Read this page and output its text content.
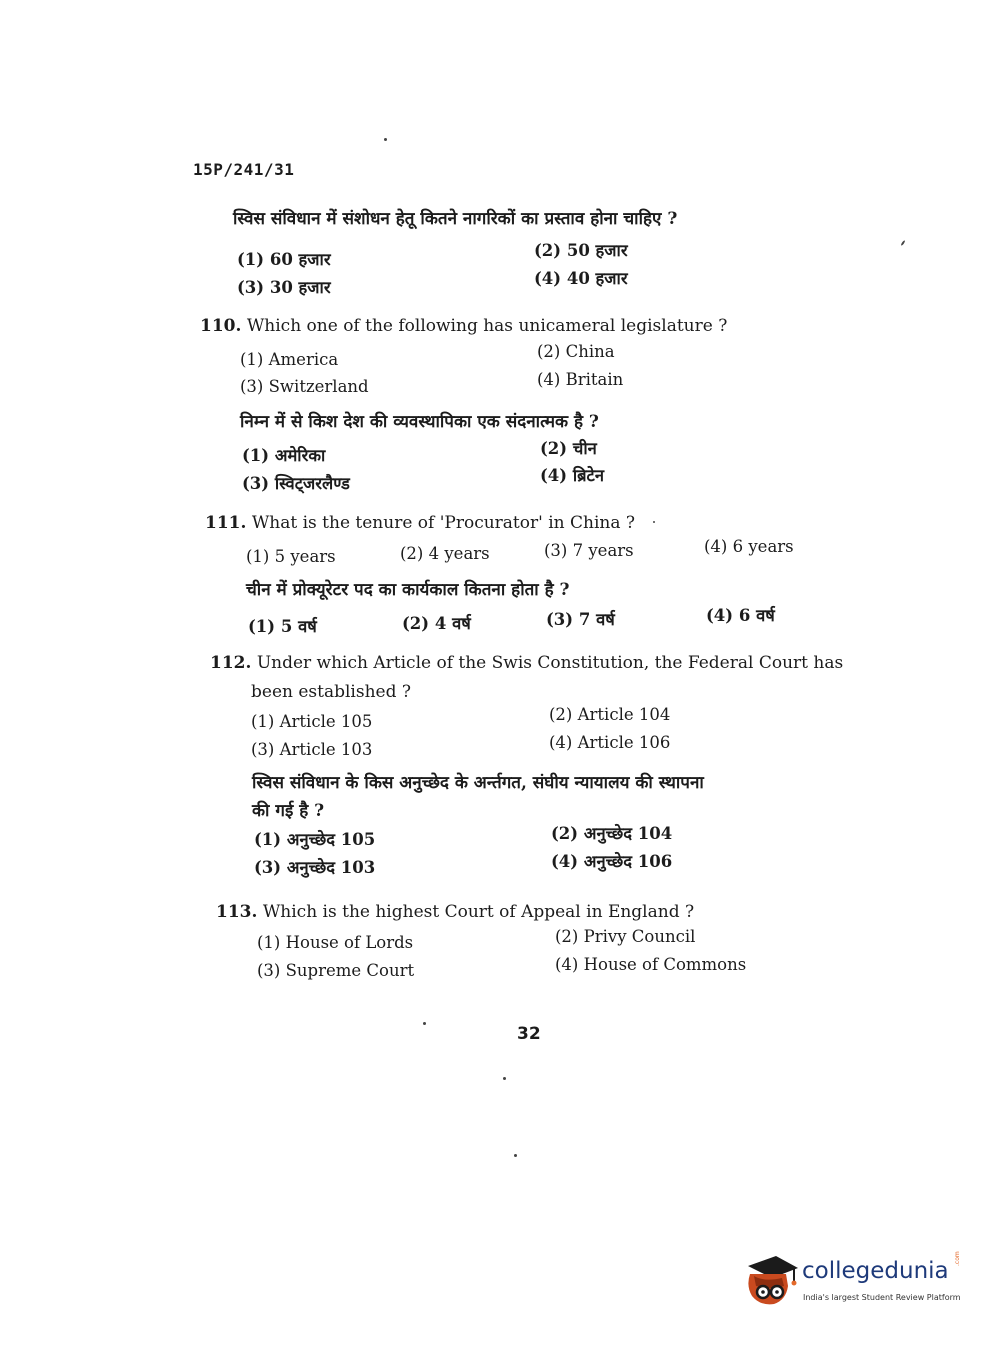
15P/241/31
स्विस संविधान में संशोधन हेतू कितने नागरिकों का प्रस्ताव होना चाहिए ?
(1) 60 हजार	(2) 50 हजार
(3) 30 हजार	(4) 40 हजार
110. Which one of the following has unicameral legislature ?
(1) America	(2) China
(3) Switzerland	(4) Britain
निम्न में से किश देश की व्यवस्थापिका एक संदनात्मक है ?
(1) अमेरिका	(2) चीन
(3) स्विट्जरलैण्ड	(4) ब्रिटेन
111. What is the tenure of 'Procurator' in China ?
(1) 5 years	(2) 4 years	(3) 7 years	(4) 6 years
चीन में प्रोक्यूरेटर पद का कार्यकाल कितना होता है ?
(1) 5 वर्ष	(2) 4 वर्ष	(3) 7 वर्ष	(4) 6 वर्ष
112. Under which Article of the Swis Constitution, the Federal Court has
been established ?
(1) Article 105	(2) Article 104
(3) Article 103	(4) Article 106
स्विस संविधान के किस अनुच्छेद के अर्न्तगत, संघीय न्यायालय की स्थापना
की गई है ?
(1) अनुच्छेद 105	(2) अनुच्छेद 104
(3) अनुच्छेद 103	(4) अनुच्छेद 106
113. Which is the highest Court of Appeal in England ?
(1) House of Lords	(2) Privy Council
(3) Supreme Court	(4) House of Commons
32
collegedunia .com
India's largest Student Review Platform
